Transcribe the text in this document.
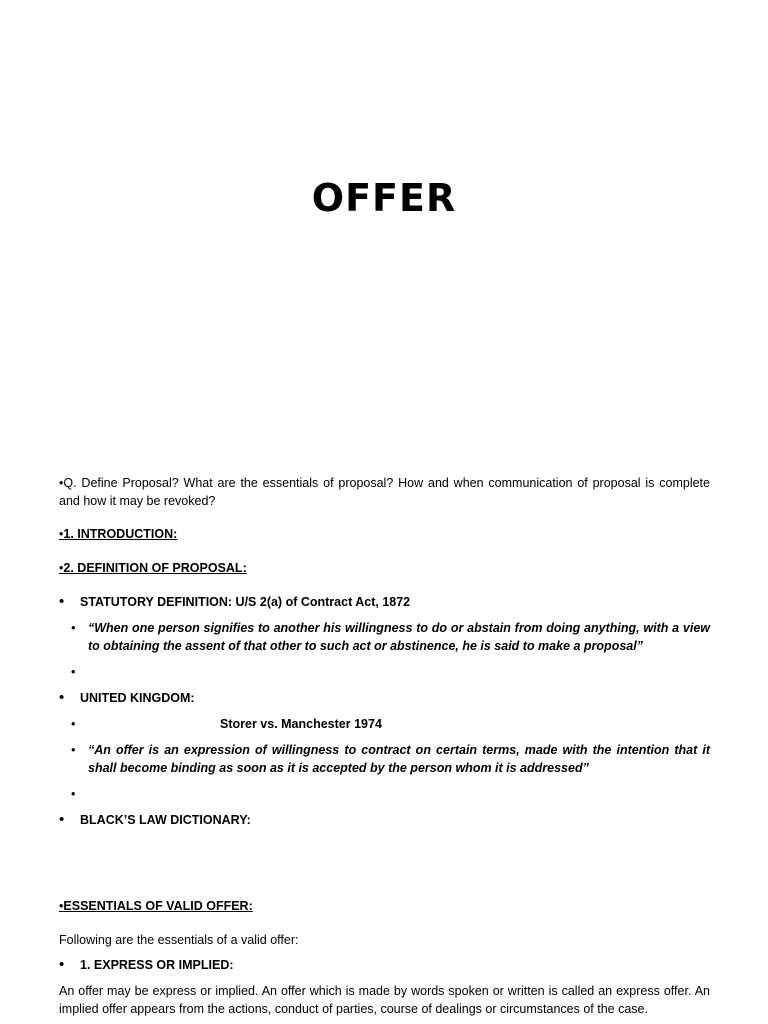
OFFER

•Q. Define Proposal? What are the essentials of proposal? How and when communication of proposal is complete and how it may be revoked?

•1. INTRODUCTION:

•2. DEFINITION OF PROPOSAL:

• STATUTORY DEFINITION: U/S 2(a) of Contract Act, 1872
• “When one person signifies to another his willingness to do or abstain from doing anything, with a view to obtaining the assent of that other to such act or abstinence, he is said to make a proposal”
•
• UNITED KINGDOM:
• Storer vs. Manchester 1974
• “An offer is an expression of willingness to contract on certain terms, made with the intention that it shall become binding as soon as it is accepted by the person whom it is addressed”
•
• BLACK’S LAW DICTIONARY:

•ESSENTIALS OF VALID OFFER:

Following are the essentials of a valid offer:

• 1. EXPRESS OR IMPLIED:

An offer may be express or implied. An offer which is made by words spoken or written is called an express offer. An implied offer appears from the actions, conduct of parties, course of dealings or circumstances of the case.
